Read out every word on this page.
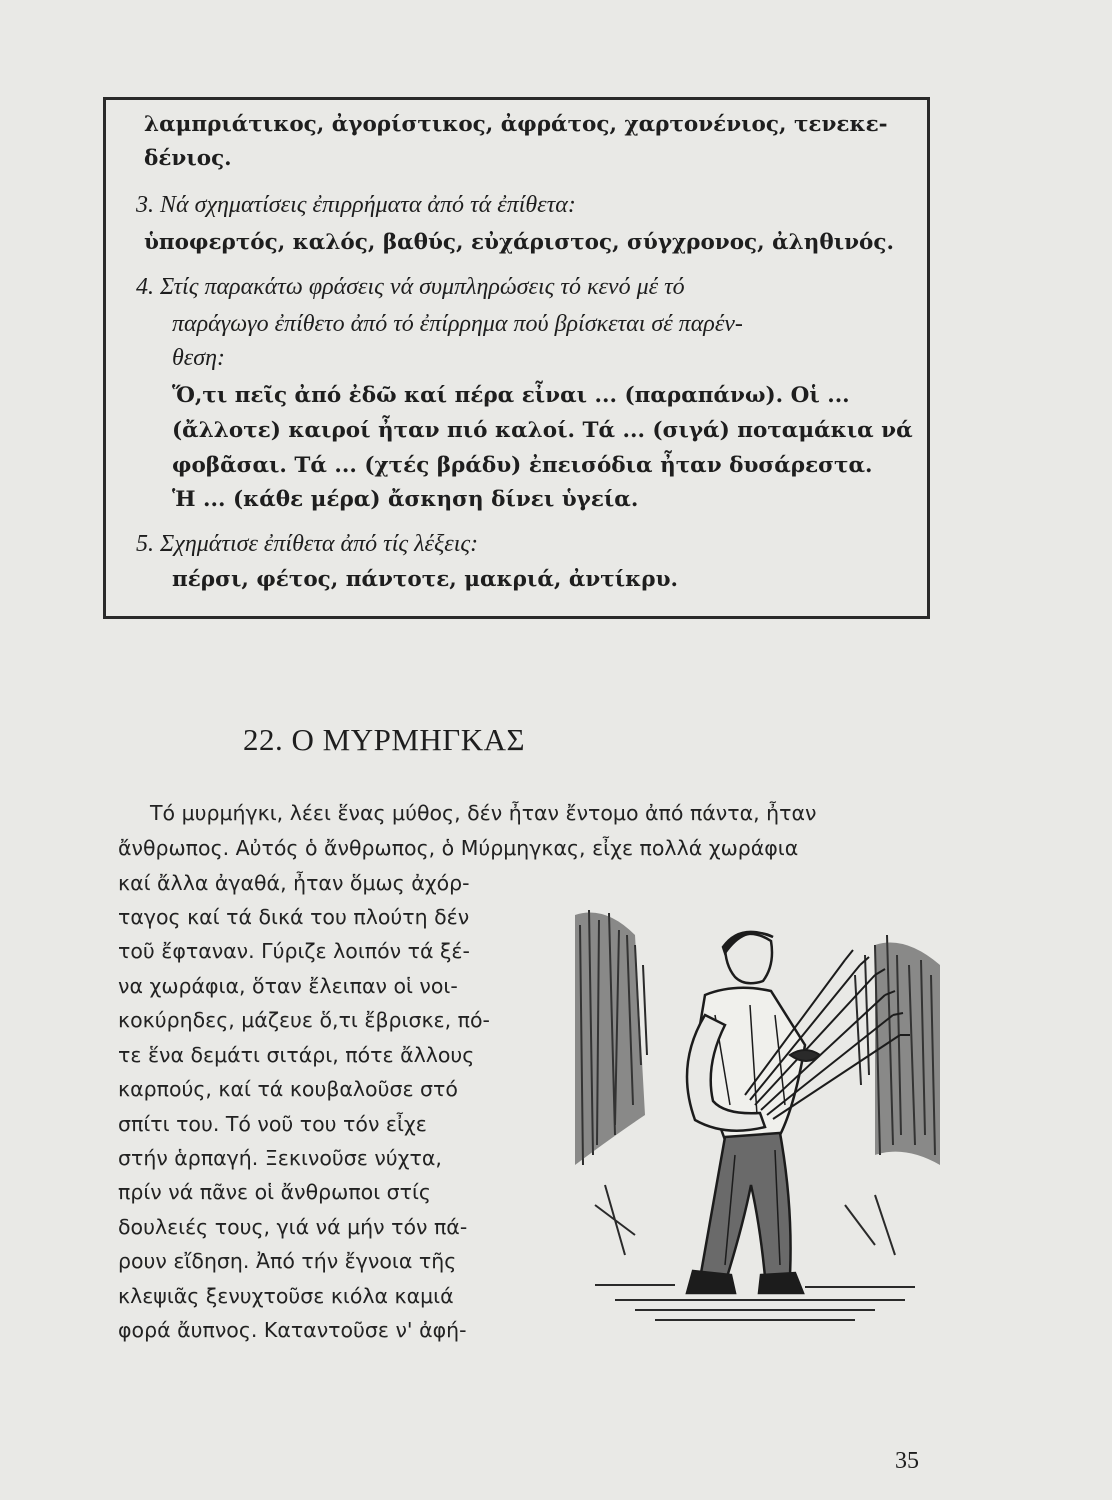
λαμπριάτικος, ἀγορίστικος, ἀφράτος, χαρτονένιος, τενεκε-
δένιος.
3. Νά σχηματίσεις ἐπιρρήματα ἀπό τά ἐπίθετα:
ὑποφερτός, καλός, βαθύς, εὐχάριστος, σύγχρονος, ἀληθινός.
4. Στίς παρακάτω φράσεις νά συμπληρώσεις τό κενό μέ τό
παράγωγο ἐπίθετο ἀπό τό ἐπίρρημα πού βρίσκεται σέ παρέν-
θεση:
Ὅ,τι πεῖς ἀπό ἐδῶ καί πέρα εἶναι ... (παραπάνω). Οἱ ...
(ἄλλοτε) καιροί ἦταν πιό καλοί. Τά ... (σιγά) ποταμάκια νά
φοβᾶσαι. Τά ... (χτές βράδυ) ἐπεισόδια ἦταν δυσάρεστα.
Ἡ ... (κάθε μέρα) ἄσκηση δίνει ὑγεία.
5. Σχημάτισε ἐπίθετα ἀπό τίς λέξεις:
πέρσι, φέτος, πάντοτε, μακριά, ἀντίκρυ.
22. Ο ΜΥΡΜΗΓΚΑΣ
Τό μυρμήγκι, λέει ἕνας μύθος, δέν ἦταν ἔντομο ἀπό πάντα, ἦταν
ἄνθρωπος. Αὐτός ὁ ἄνθρωπος, ὁ Μύρμηγκας, εἶχε πολλά χωράφια
καί ἄλλα ἀγαθά, ἦταν ὅμως ἀχόρ-
ταγος καί τά δικά του πλούτη δέν
τοῦ ἔφταναν. Γύριζε λοιπόν τά ξέ-
να χωράφια, ὅταν ἔλειπαν οἱ νοι-
κοκύρηδες, μάζευε ὅ,τι ἔβρισκε, πό-
τε ἕνα δεμάτι σιτάρι, πότε ἄλλους
καρπούς, καί τά κουβαλοῦσε στό
σπίτι του. Τό νοῦ του τόν εἶχε
στήν ἁρπαγή. Ξεκινοῦσε νύχτα,
πρίν νά πᾶνε οἱ ἄνθρωποι στίς
δουλειές τους, γιά νά μήν τόν πά-
ρουν εἴδηση. Ἀπό τήν ἔγνοια τῆς
κλεψιᾶς ξενυχτοῦσε κιόλα καμιά
φορά ἄυπνος. Καταντοῦσε ν' ἀφή-
35
